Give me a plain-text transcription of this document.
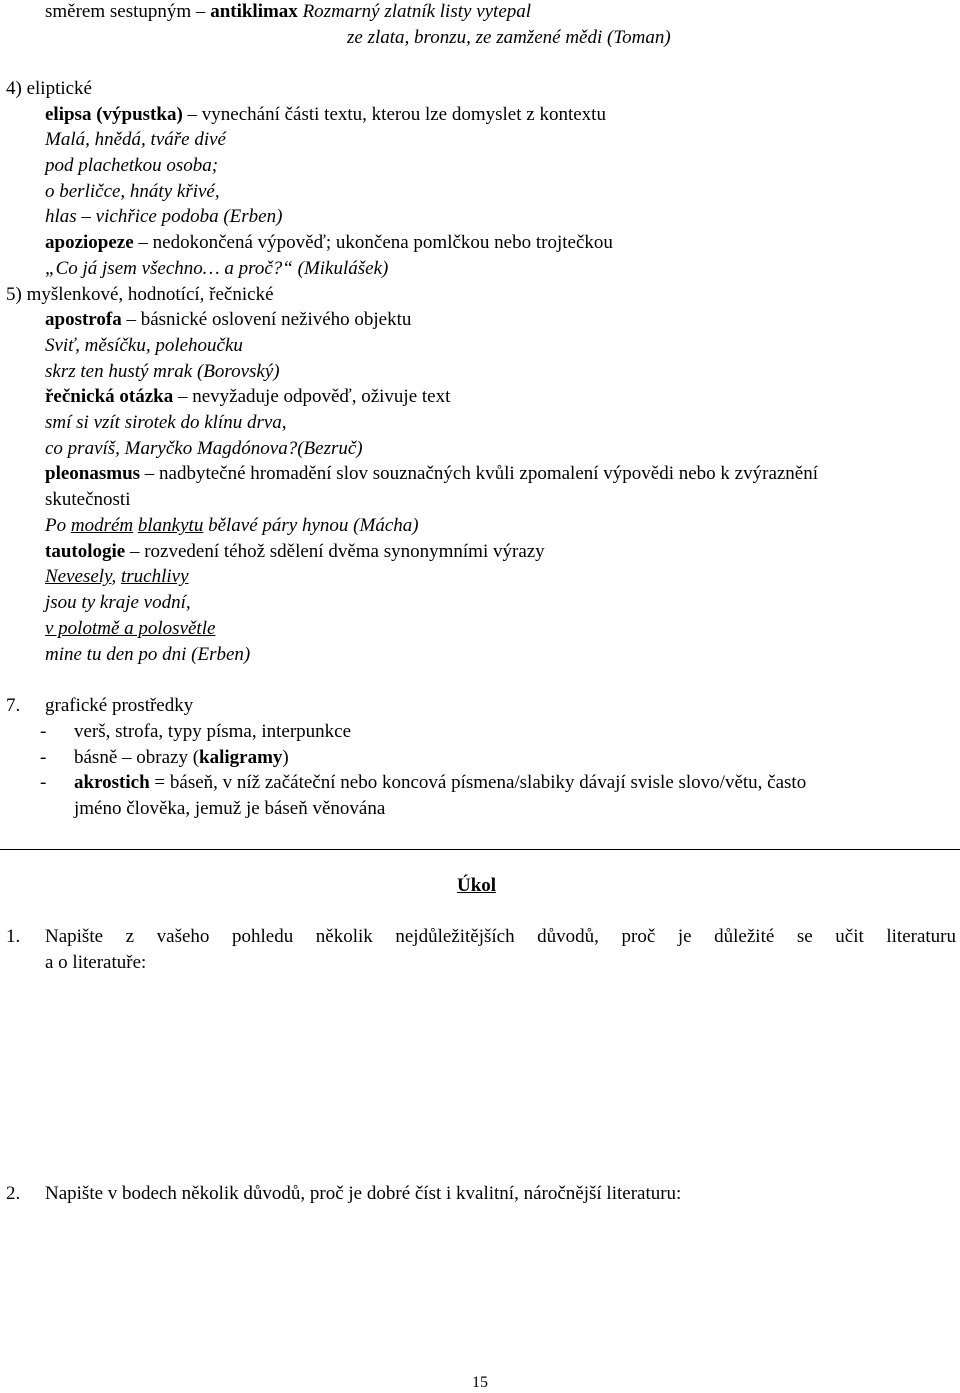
směrem sestupným – antiklimax Rozmarný zlatník listy vytepal
ze zlata, bronzu, ze zamžené mědi (Toman)
4) eliptické
elipsa (výpustka) – vynechání části textu, kterou lze domyslet z kontextu
Malá, hnědá, tváře divé
pod plachetkou osoba;
o berličce, hnáty křivé,
hlas – vichřice podoba (Erben)
apoziopeze – nedokončená výpověď; ukončena pomlčkou nebo trojtečkou
„Co já jsem všechno… a proč?“ (Mikulášek)
5) myšlenkové, hodnotící, řečnické
apostrofa – básnické oslovení neživého objektu
Sviť, měsíčku, polehoučku
skrz ten hustý mrak (Borovský)
řečnická otázka – nevyžaduje odpověď, oživuje text
smí si vzít sirotek do klínu drva,
co pravíš, Maryčko Magdónova?(Bezruč)
pleonasmus – nadbytečné hromadění slov souznačných kvůli zpomalení výpovědi nebo k zvýraznění
skutečnosti
Po modrém blankytu bělavé páry hynou (Mácha)
tautologie – rozvedení téhož sdělení dvěma synonymními výrazy
Nevesely, truchlivy
jsou ty kraje vodní,
v polotmě a polosvětle
mine tu den po dni (Erben)
7. grafické prostředky
- verš, strofa, typy písma, interpunkce
- básně – obrazy (kaligramy)
- akrostich = báseň, v níž začáteční nebo koncová písmena/slabiky dávají svisle slovo/větu, často
jméno člověka, jemuž je báseň věnována
Úkol
1. Napište z vašeho pohledu několik nejdůležitějších důvodů, proč je důležité se učit literaturu
a o literatuře:
2. Napište v bodech několik důvodů, proč je dobré číst i kvalitní, náročnější literaturu:
15
